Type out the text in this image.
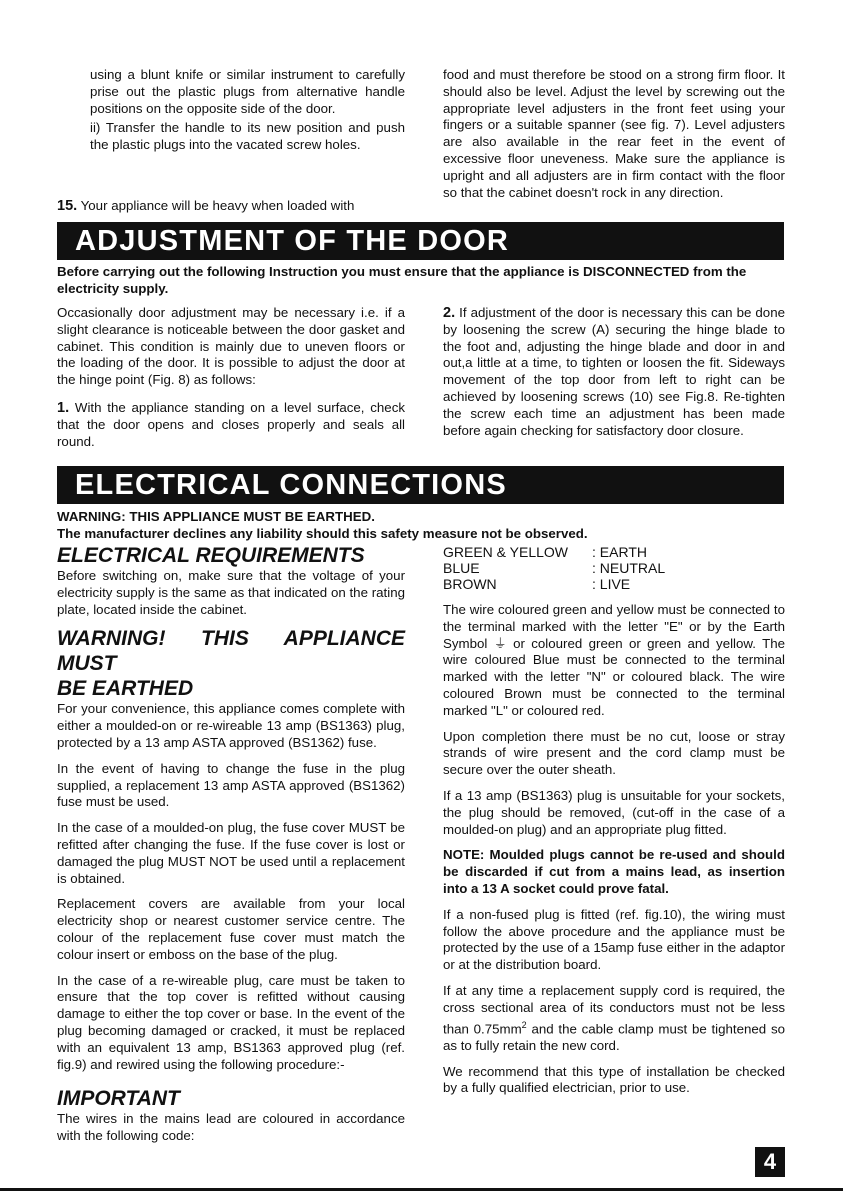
using a blunt knife or similar instrument to carefully prise out the plastic plugs from alternative handle positions on the opposite side of the door.

ii) Transfer the handle to its new position and push the plastic plugs into the vacated screw holes.

15. Your appliance will be heavy when loaded with

food and must therefore be stood on a strong firm floor. It should also be level. Adjust the level by screwing out the appropriate level adjusters in the front feet using your fingers or a suitable spanner (see fig. 7). Level adjusters are also available in the rear feet in the event of excessive floor uneveness. Make sure the appliance is upright and all adjusters are in firm contact with the floor so that the cabinet doesn't rock in any direction.

ADJUSTMENT OF THE DOOR
Before carrying out the following Instruction you must ensure that the appliance is DISCONNECTED from the electricity supply.

Occasionally door adjustment may be necessary i.e. if a slight clearance is noticeable between the door gasket and cabinet. This condition is mainly due to uneven floors or the loading of the door. It is possible to adjust the door at the hinge point (Fig. 8) as follows:

1. With the appliance standing on a level surface, check that the door opens and closes properly and seals all round.

2. If adjustment of the door is necessary this can be done by loosening the screw (A) securing the hinge blade to the foot and, adjusting the hinge blade and door in and out,a little at a time, to tighten or loosen the fit. Sideways movement of the top door from left to right can be achieved by loosening screws (10) see Fig.8. Re-tighten the screw each time an adjustment has been made before again checking for satisfactory door closure.

ELECTRICAL CONNECTIONS
WARNING: THIS APPLIANCE MUST BE EARTHED.
The manufacturer declines any liability should this safety measure not be observed.

ELECTRICAL REQUIREMENTS

Before switching on, make sure that the voltage of your electricity supply is the same as that indicated on the rating plate, located inside the cabinet.

WARNING! THIS APPLIANCE MUST

BE EARTHED

For your convenience, this appliance comes complete with either a moulded-on or re-wireable 13 amp (BS1363) plug, protected by a 13 amp ASTA approved (BS1362) fuse.

In the event of having to change the fuse in the plug supplied, a replacement 13 amp ASTA approved (BS1362) fuse must be used.

In the case of a moulded-on plug, the fuse cover MUST be refitted after changing the fuse. If the fuse cover is lost or damaged the plug MUST NOT be used until a replacement is obtained.

Replacement covers are available from your local electricity shop or nearest customer service centre. The colour of the replacement fuse cover must match the colour insert or emboss on the base of the plug.

In the case of a re-wireable plug, care must be taken to ensure that the top cover is refitted without causing damage to either the top cover or base. In the event of the plug becoming damaged or cracked, it must be replaced with an equivalent 13 amp, BS1363 approved plug (ref. fig.9) and rewired using the following procedure:-

IMPORTANT

The wires in the mains lead are coloured in accordance with the following code:

GREEN & YELLOW	: EARTH
BLUE	: NEUTRAL
BROWN	: LIVE

The wire coloured green and yellow must be connected to the terminal marked with the letter "E" or by the Earth Symbol ⏚ or coloured green or green and yellow. The wire coloured Blue must be connected to the terminal marked with the letter "N" or coloured black. The wire coloured Brown must be connected to the terminal marked "L" or coloured red.

Upon completion there must be no cut, loose or stray strands of wire present and the cord clamp must be secure over the outer sheath.

If a 13 amp (BS1363) plug is unsuitable for your sockets, the plug should be removed, (cut-off in the case of a moulded-on plug) and an appropriate plug fitted.

NOTE: Moulded plugs cannot be re-used and should be discarded if cut from a mains lead, as insertion into a 13 A socket could prove fatal.

If a non-fused plug is fitted (ref. fig.10), the wiring must follow the above procedure and the appliance must be protected by the use of a 15amp fuse either in the adaptor or at the distribution board.

If at any time a replacement supply cord is required, the cross sectional area of its conductors must not be less than $0.75mm^2$ and the cable clamp must be tightened so as to fully retain the new cord.

We recommend that this type of installation be checked by a fully qualified electrician, prior to use.

4
